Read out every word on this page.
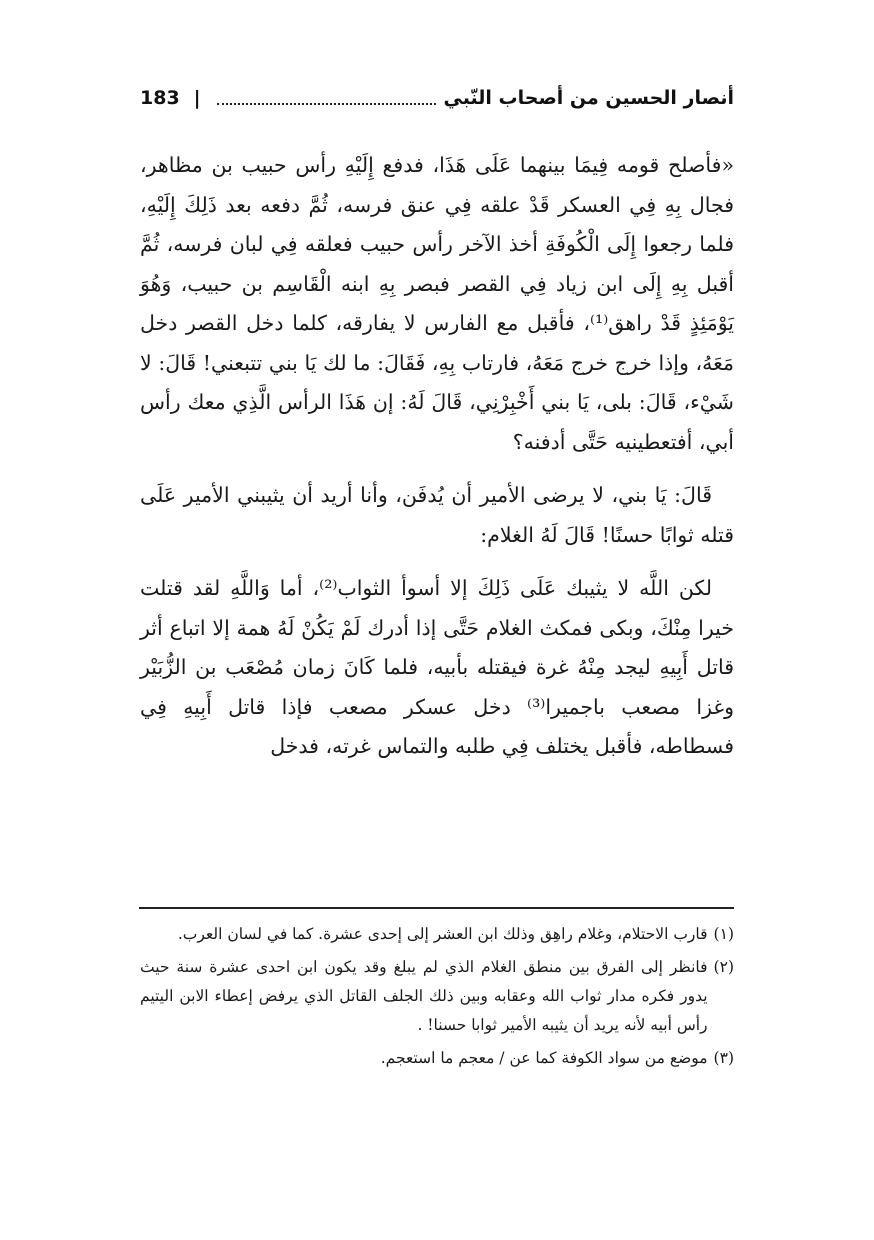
أنصار الحسين من أصحاب النّبي
|
183

«فأصلح قومه فِيمَا بينهما عَلَى هَذَا، فدفع إِلَيْهِ رأس حبيب بن مظاهر، فجال بِهِ فِي العسكر قَدْ علقه فِي عنق فرسه، ثُمَّ دفعه بعد ذَلِكَ إِلَيْهِ، فلما رجعوا إِلَى الْكُوفَةِ أخذ الآخر رأس حبيب فعلقه فِي لبان فرسه، ثُمَّ أقبل بِهِ إِلَى ابن زياد فِي القصر فبصر بِهِ ابنه الْقَاسِم بن حبيب، وَهُوَ يَوْمَئِذٍ قَدْ راهق⁽¹⁾، فأقبل مع الفارس لا يفارقه، كلما دخل القصر دخل مَعَهُ، وإذا خرج خرج مَعَهُ، فارتاب بِهِ، فَقَالَ: ما لك يَا بني تتبعني! قَالَ: لا شَيْء، قَالَ: بلى، يَا بني أَخْبِرْنِي، قَالَ لَهُ: إن هَذَا الرأس الَّذِي معك رأس أبي، أفتعطينيه حَتَّى أدفنه؟

قَالَ: يَا بني، لا يرضى الأمير أن يُدفَن، وأنا أريد أن يثيبني الأمير عَلَى قتله ثوابًا حسنًا! قَالَ لَهُ الغلام:

لكن اللَّه لا يثيبك عَلَى ذَلِكَ إلا أسوأ الثواب⁽²⁾، أما وَاللَّهِ لقد قتلت خيرا مِنْكَ، وبكى فمكث الغلام حَتَّى إذا أدرك لَمْ يَكُنْ لَهُ همة إلا اتباع أثر قاتل أَبِيهِ ليجد مِنْهُ غرة فيقتله بأبيه، فلما كَانَ زمان مُصْعَب بن الزُّبَيْر وغزا مصعب باجميرا⁽³⁾ دخل عسكر مصعب فإذا قاتل أَبِيهِ فِي فسطاطه، فأقبل يختلف فِي طلبه والتماس غرته، فدخل

(١)
قارب الاحتلام، وغلام راهِق وذلك ابن العشر إلى إحدى عشرة. كما في لسان العرب.
(٢)
فانظر إلى الفرق بين منطق الغلام الذي لم يبلغ وقد يكون ابن احدى عشرة سنة حيث يدور فكره مدار ثواب الله وعقابه وبين ذلك الجلف القاتل الذي يرفض إعطاء الابن اليتيم رأس أبيه لأنه يريد أن يثيبه الأمير ثوابا حسنا! .
(٣)
موضع من سواد الكوفة كما عن / معجم ما استعجم.
